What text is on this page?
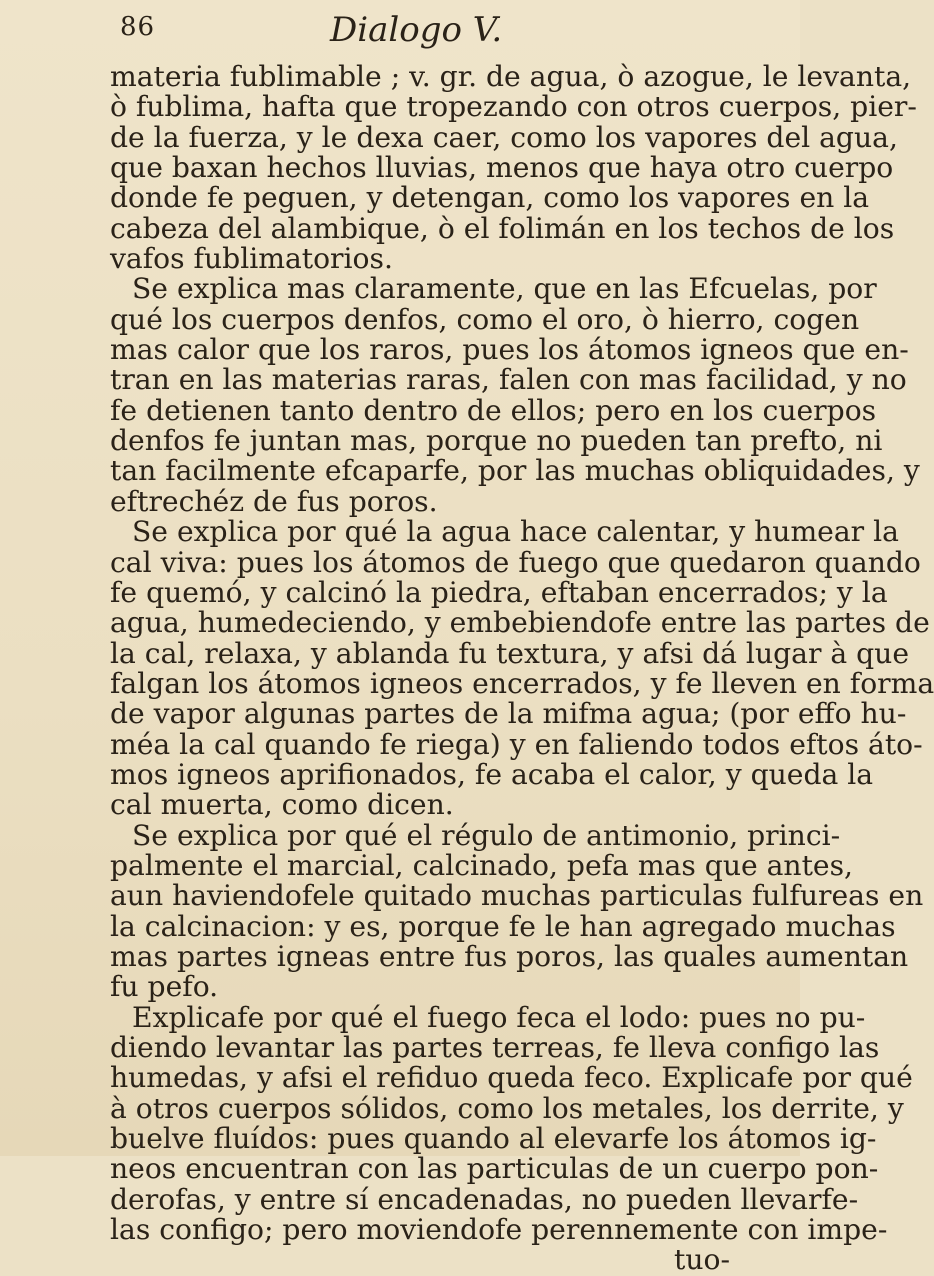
86	Dialogo V.
materia fublimable ; v. gr. de agua, ò azogue, le levanta,
ò fublima, hafta que tropezando con otros cuerpos, pier-
de la fuerza, y le dexa caer, como los vapores del agua,
que baxan hechos lluvias, menos que haya otro cuerpo
donde fe peguen, y detengan, como los vapores en la
cabeza del alambique, ò el folimán en los techos de los
vafos fublimatorios.
Se explica mas claramente, que en las Efcuelas, por
qué los cuerpos denfos, como el oro, ò hierro, cogen
mas calor que los raros, pues los átomos igneos que en-
tran en las materias raras, falen con mas facilidad, y no
fe detienen tanto dentro de ellos; pero en los cuerpos
denfos fe juntan mas, porque no pueden tan prefto, ni
tan facilmente efcaparfe, por las muchas obliquidades, y
eftrechéz de fus poros.
Se explica por qué la agua hace calentar, y humear la
cal viva: pues los átomos de fuego que quedaron quando
fe quemó, y calcinó la piedra, eftaban encerrados; y la
agua, humedeciendo, y embebiendofe entre las partes de
la cal, relaxa, y ablanda fu textura, y afsi dá lugar à que
falgan los átomos igneos encerrados, y fe lleven en forma
de vapor algunas partes de la mifma agua; (por effo hu-
méa la cal quando fe riega) y en faliendo todos eftos áto-
mos igneos aprifionados, fe acaba el calor, y queda la
cal muerta, como dicen.
Se explica por qué el régulo de antimonio, princi-
palmente el marcial, calcinado, pefa mas que antes,
aun haviendofele quitado muchas particulas fulfureas en
la calcinacion: y es, porque fe le han agregado muchas
mas partes igneas entre fus poros, las quales aumentan
fu pefo.
Explicafe por qué el fuego feca el lodo: pues no pu-
diendo levantar las partes terreas, fe lleva configo las
humedas, y afsi el refiduo queda feco. Explicafe por qué
à otros cuerpos sólidos, como los metales, los derrite, y
buelve fluídos: pues quando al elevarfe los átomos ig-
neos encuentran con las particulas de un cuerpo pon-
derofas, y entre sí encadenadas, no pueden llevarfe-
las configo; pero moviendofe perennemente con impe-
tuo-
